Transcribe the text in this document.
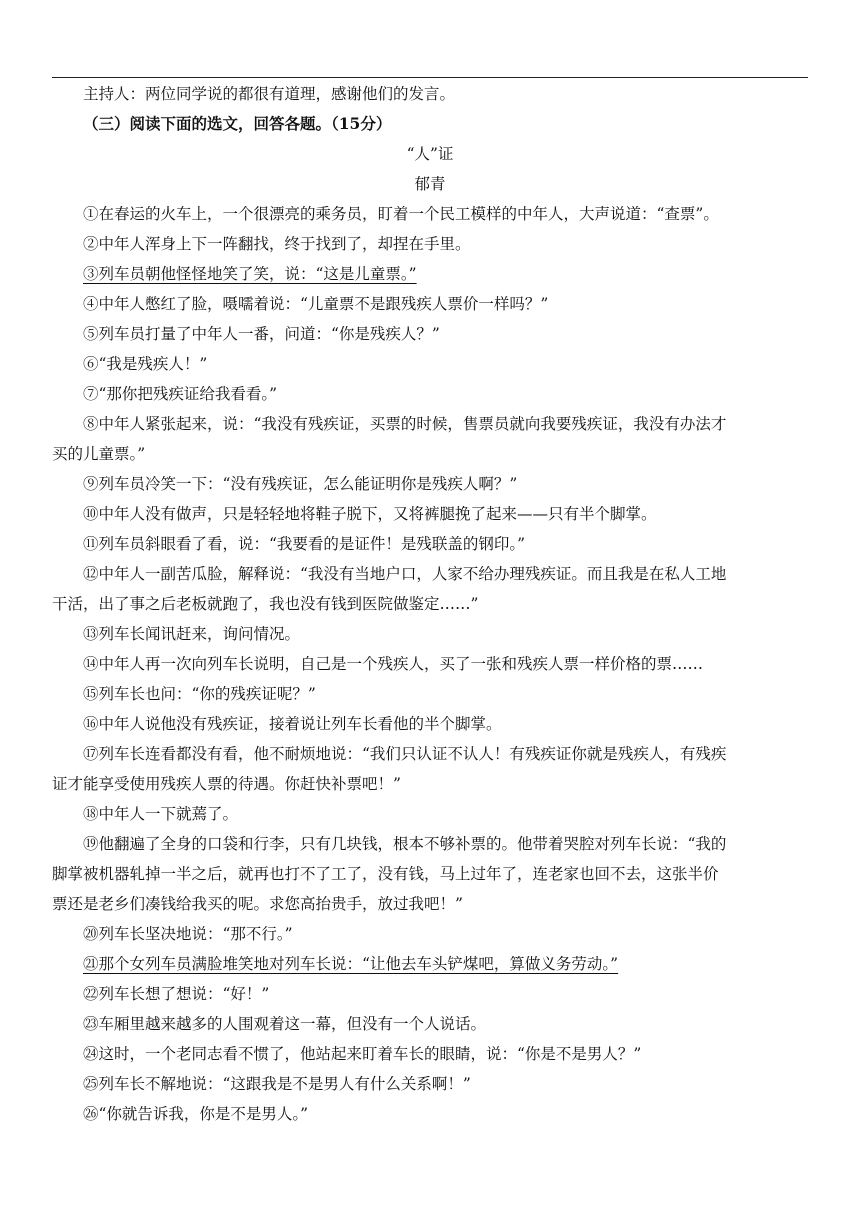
主持人：两位同学说的都很有道理，感谢他们的发言。

（三）阅读下面的选文，回答各题。（15分）

“人”证

郁青

①在春运的火车上，一个很漂亮的乘务员，盯着一个民工模样的中年人，大声说道：“查票”。

②中年人浑身上下一阵翻找，终于找到了，却捏在手里。

③列车员朝他怪怪地笑了笑，说：“这是儿童票。”

④中年人憋红了脸，嗫嚅着说：“儿童票不是跟残疾人票价一样吗？”

⑤列车员打量了中年人一番，问道：“你是残疾人？”

⑥“我是残疾人！”

⑦“那你把残疾证给我看看。”

⑧中年人紧张起来，说：“我没有残疾证，买票的时候，售票员就向我要残疾证，我没有办法才

买的儿童票。”

⑨列车员冷笑一下：“没有残疾证，怎么能证明你是残疾人啊？”

⑩中年人没有做声，只是轻轻地将鞋子脱下，又将裤腿挽了起来——只有半个脚掌。

⑪列车员斜眼看了看，说：“我要看的是证件！是残联盖的钢印。”

⑫中年人一副苦瓜脸，解释说：“我没有当地户口，人家不给办理残疾证。而且我是在私人工地

干活，出了事之后老板就跑了，我也没有钱到医院做鉴定……”

⑬列车长闻讯赶来，询问情况。

⑭中年人再一次向列车长说明，自己是一个残疾人，买了一张和残疾人票一样价格的票……

⑮列车长也问：“你的残疾证呢？”

⑯中年人说他没有残疾证，接着说让列车长看他的半个脚掌。

⑰列车长连看都没有看，他不耐烦地说：“我们只认证不认人！有残疾证你就是残疾人，有残疾

证才能享受使用残疾人票的待遇。你赶快补票吧！”

⑱中年人一下就蔫了。

⑲他翻遍了全身的口袋和行李，只有几块钱，根本不够补票的。他带着哭腔对列车长说：“我的

脚掌被机器轧掉一半之后，就再也打不了工了，没有钱，马上过年了，连老家也回不去，这张半价

票还是老乡们凑钱给我买的呢。求您高抬贵手，放过我吧！”

⑳列车长坚决地说：“那不行。”

㉑那个女列车员满脸堆笑地对列车长说：“让他去车头铲煤吧，算做义务劳动。”

㉒列车长想了想说：“好！”

㉓车厢里越来越多的人围观着这一幕，但没有一个人说话。

㉔这时，一个老同志看不惯了，他站起来盯着车长的眼睛，说：“你是不是男人？”

㉕列车长不解地说：“这跟我是不是男人有什么关系啊！”

㉖“你就告诉我，你是不是男人。”
